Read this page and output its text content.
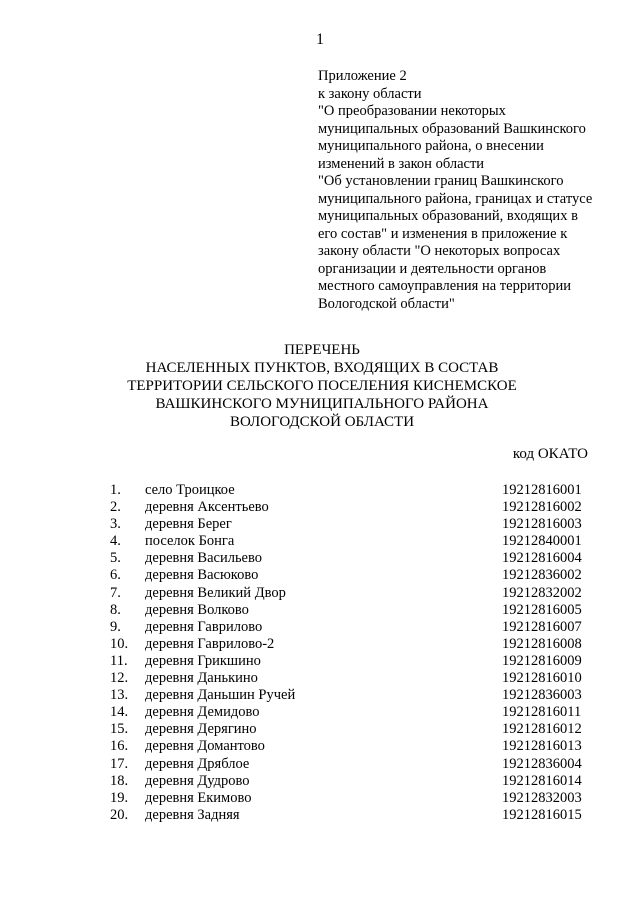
1
Приложение 2
к закону области
"О преобразовании некоторых
муниципальных образований Вашкинского
муниципального района, о внесении
изменений в закон области
"Об установлении границ Вашкинского
муниципального района, границах и статусе
муниципальных образований, входящих в
его состав" и изменения в приложение к
закону области "О некоторых вопросах
организации и деятельности органов
местного самоуправления на территории
Вологодской области"
ПЕРЕЧЕНЬ
НАСЕЛЕННЫХ ПУНКТОВ, ВХОДЯЩИХ В СОСТАВ
ТЕРРИТОРИИ СЕЛЬСКОГО ПОСЕЛЕНИЯ КИСНЕМСКОЕ
ВАШКИНСКОГО МУНИЦИПАЛЬНОГО РАЙОНА
ВОЛОГОДСКОЙ ОБЛАСТИ
код ОКАТО
1.	село Троицкое	19212816001
2.	деревня Аксентьево	19212816002
3.	деревня Берег	19212816003
4.	поселок Бонга	19212840001
5.	деревня Васильево	19212816004
6.	деревня Васюково	19212836002
7.	деревня Великий Двор	19212832002
8.	деревня Волково	19212816005
9.	деревня Гаврилово	19212816007
10.	деревня Гаврилово-2	19212816008
11.	деревня Грикшино	19212816009
12.	деревня Данькино	19212816010
13.	деревня Даньшин Ручей	19212836003
14.	деревня Демидово	19212816011
15.	деревня Дерягино	19212816012
16.	деревня Домантово	19212816013
17.	деревня Дряблое	19212836004
18.	деревня Дудрово	19212816014
19.	деревня Екимово	19212832003
20.	деревня Задняя	19212816015
